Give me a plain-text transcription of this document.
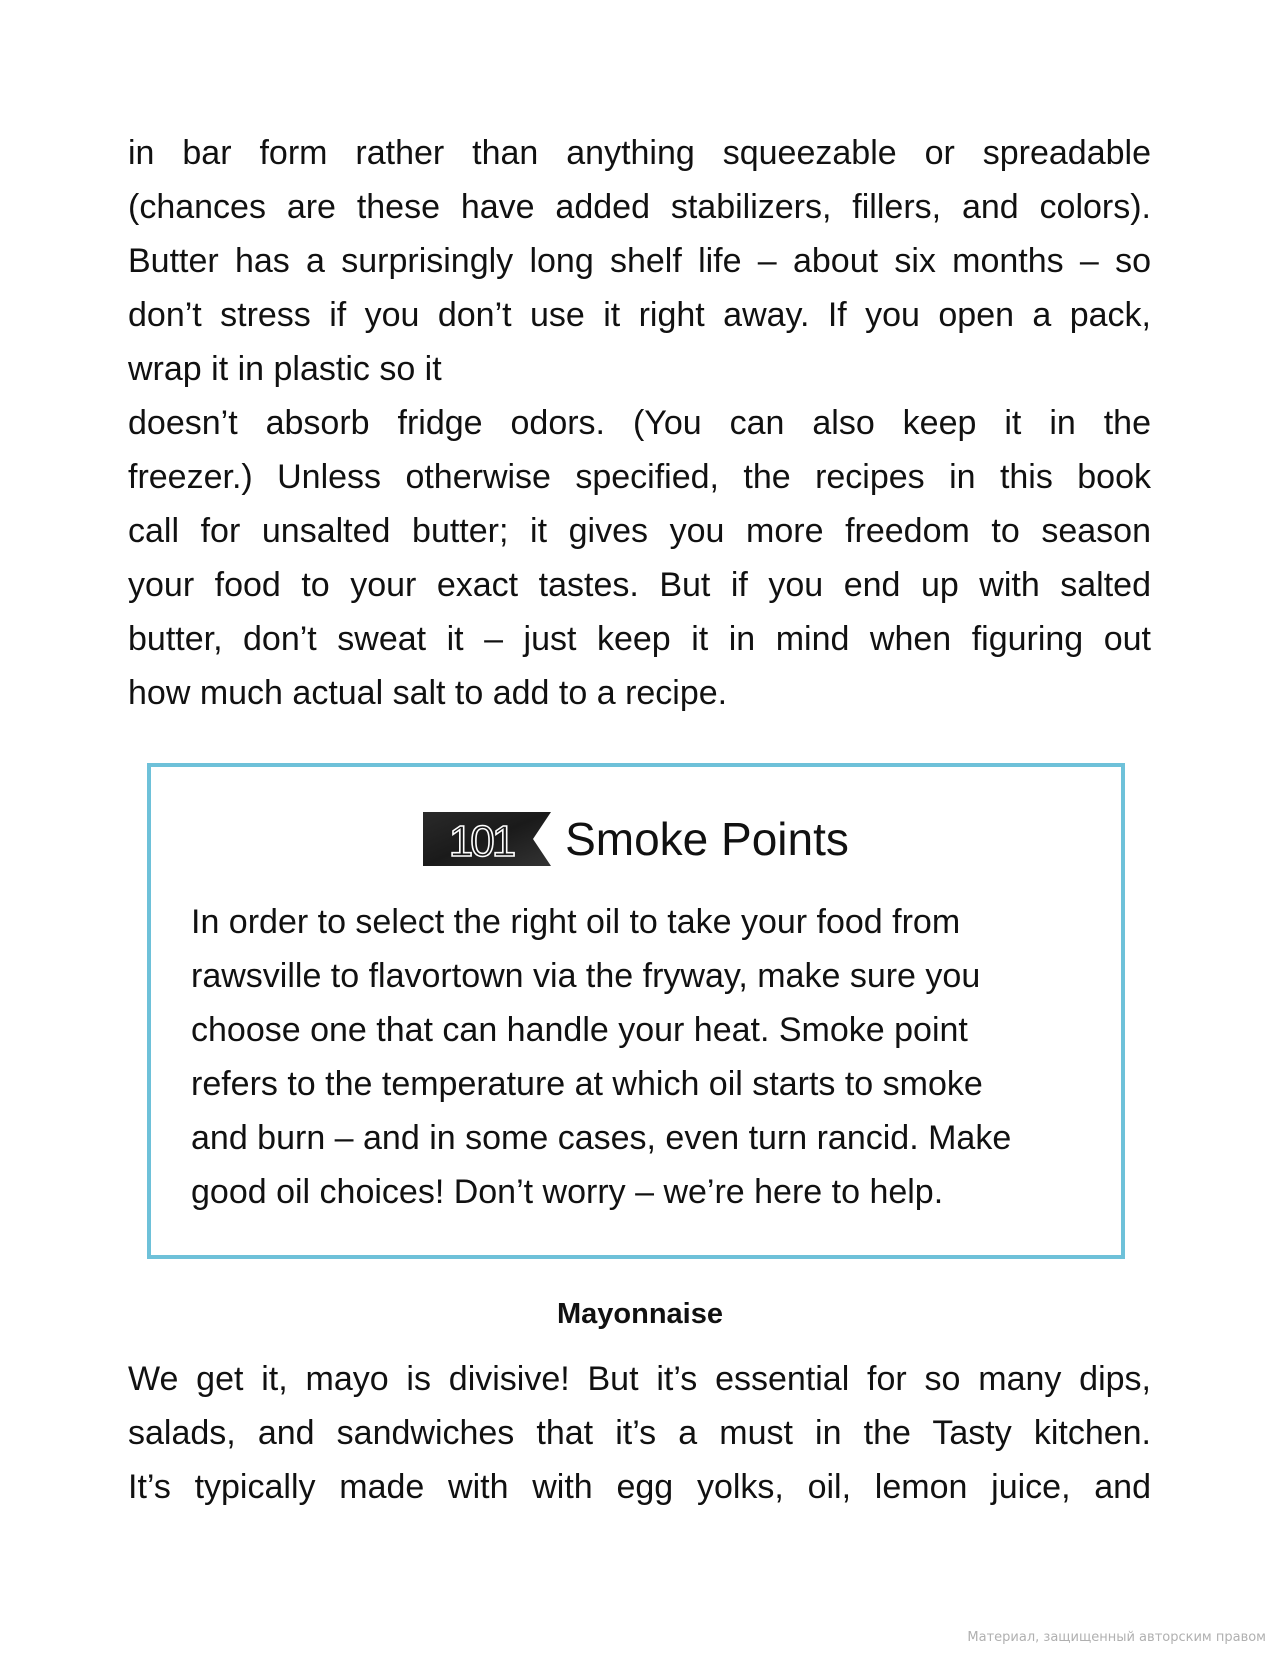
in bar form rather than anything squeezable or spreadable
(chances are these have added stabilizers, fillers, and colors).
Butter has a surprisingly long shelf life – about six months – so
don’t stress if you don’t use it right away. If you open a pack,
wrap it in plastic so it
doesn’t absorb fridge odors. (You can also keep it in the
freezer.) Unless otherwise specified, the recipes in this book
call for unsalted butter; it gives you more freedom to season
your food to your exact tastes. But if you end up with salted
butter, don’t sweat it – just keep it in mind when figuring out
how much actual salt to add to a recipe.
101 Smoke Points
In order to select the right oil to take your food from
rawsville to flavortown via the fryway, make sure you
choose one that can handle your heat. Smoke point
refers to the temperature at which oil starts to smoke
and burn – and in some cases, even turn rancid. Make
good oil choices! Don’t worry – we’re here to help.
Mayonnaise
We get it, mayo is divisive! But it’s essential for so many dips,
salads, and sandwiches that it’s a must in the Tasty kitchen.
It’s typically made with with egg yolks, oil, lemon juice, and
Материал, защищенный авторским правом
